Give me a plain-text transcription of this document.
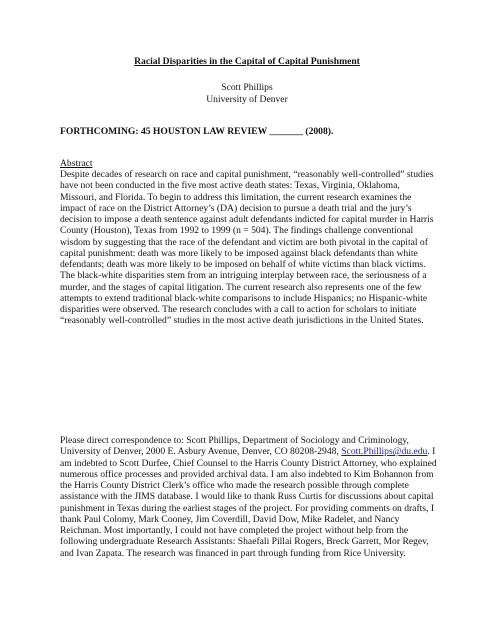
Racial Disparities in the Capital of Capital Punishment
Scott Phillips
University of Denver
FORTHCOMING: 45 HOUSTON LAW REVIEW _______ (2008).
Abstract
Despite decades of research on race and capital punishment, “reasonably well-controlled” studies have not been conducted in the five most active death states: Texas, Virginia, Oklahoma, Missouri, and Florida. To begin to address this limitation, the current research examines the impact of race on the District Attorney’s (DA) decision to pursue a death trial and the jury’s decision to impose a death sentence against adult defendants indicted for capital murder in Harris County (Houston), Texas from 1992 to 1999 (n = 504). The findings challenge conventional wisdom by suggesting that the race of the defendant and victim are both pivotal in the capital of capital punishment: death was more likely to be imposed against black defendants than white defendants; death was more likely to be imposed on behalf of white victims than black victims. The black-white disparities stem from an intriguing interplay between race, the seriousness of a murder, and the stages of capital litigation. The current research also represents one of the few attempts to extend traditional black-white comparisons to include Hispanics; no Hispanic-white disparities were observed. The research concludes with a call to action for scholars to initiate “reasonably well-controlled” studies in the most active death jurisdictions in the United States.
Please direct correspondence to: Scott Phillips, Department of Sociology and Criminology, University of Denver, 2000 E. Asbury Avenue, Denver, CO 80208-2948, Scott.Phillips@du.edu. I am indebted to Scott Durfee, Chief Counsel to the Harris County District Attorney, who explained numerous office processes and provided archival data. I am also indebted to Kim Bohannon from the Harris County District Clerk’s office who made the research possible through complete assistance with the JIMS database. I would like to thank Russ Curtis for discussions about capital punishment in Texas during the earliest stages of the project. For providing comments on drafts, I thank Paul Colomy, Mark Cooney, Jim Coverdill, David Dow, Mike Radelet, and Nancy Reichman. Most importantly, I could not have completed the project without help from the following undergraduate Research Assistants: Shaefali Pillai Rogers, Breck Garrett, Mor Regev, and Ivan Zapata. The research was financed in part through funding from Rice University.
